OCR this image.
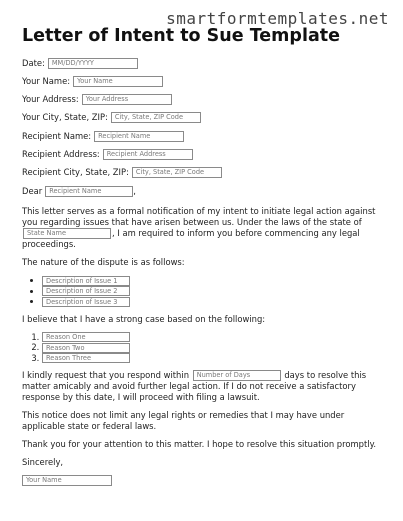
smartformtemplates.net
Letter of Intent to Sue Template
Date:	MM/DD/YYYY
Your Name:	Your Name
Your Address:	Your Address
Your City, State, ZIP:	City, State, ZIP Code
Recipient Name:	Recipient Name
Recipient Address:	Recipient Address
Recipient City, State, ZIP:	City, State, ZIP Code
Dear	Recipient Name	,

This letter serves as a formal notification of my intent to initiate legal action against you regarding issues that have arisen between us. Under the laws of the state of State Name	, I am required to inform you before commencing any legal proceedings.

The nature of the dispute is as follows:

• Description of Issue 1
• Description of Issue 2
• Description of Issue 3

I believe that I have a strong case based on the following:

1. Reason One
2. Reason Two
3. Reason Three

I kindly request that you respond within Number of Days	days to resolve this matter amicably and avoid further legal action. If I do not receive a satisfactory response by this date, I will proceed with filing a lawsuit.

This notice does not limit any legal rights or remedies that I may have under applicable state or federal laws.

Thank you for your attention to this matter. I hope to resolve this situation promptly.

Sincerely,

Your Name
